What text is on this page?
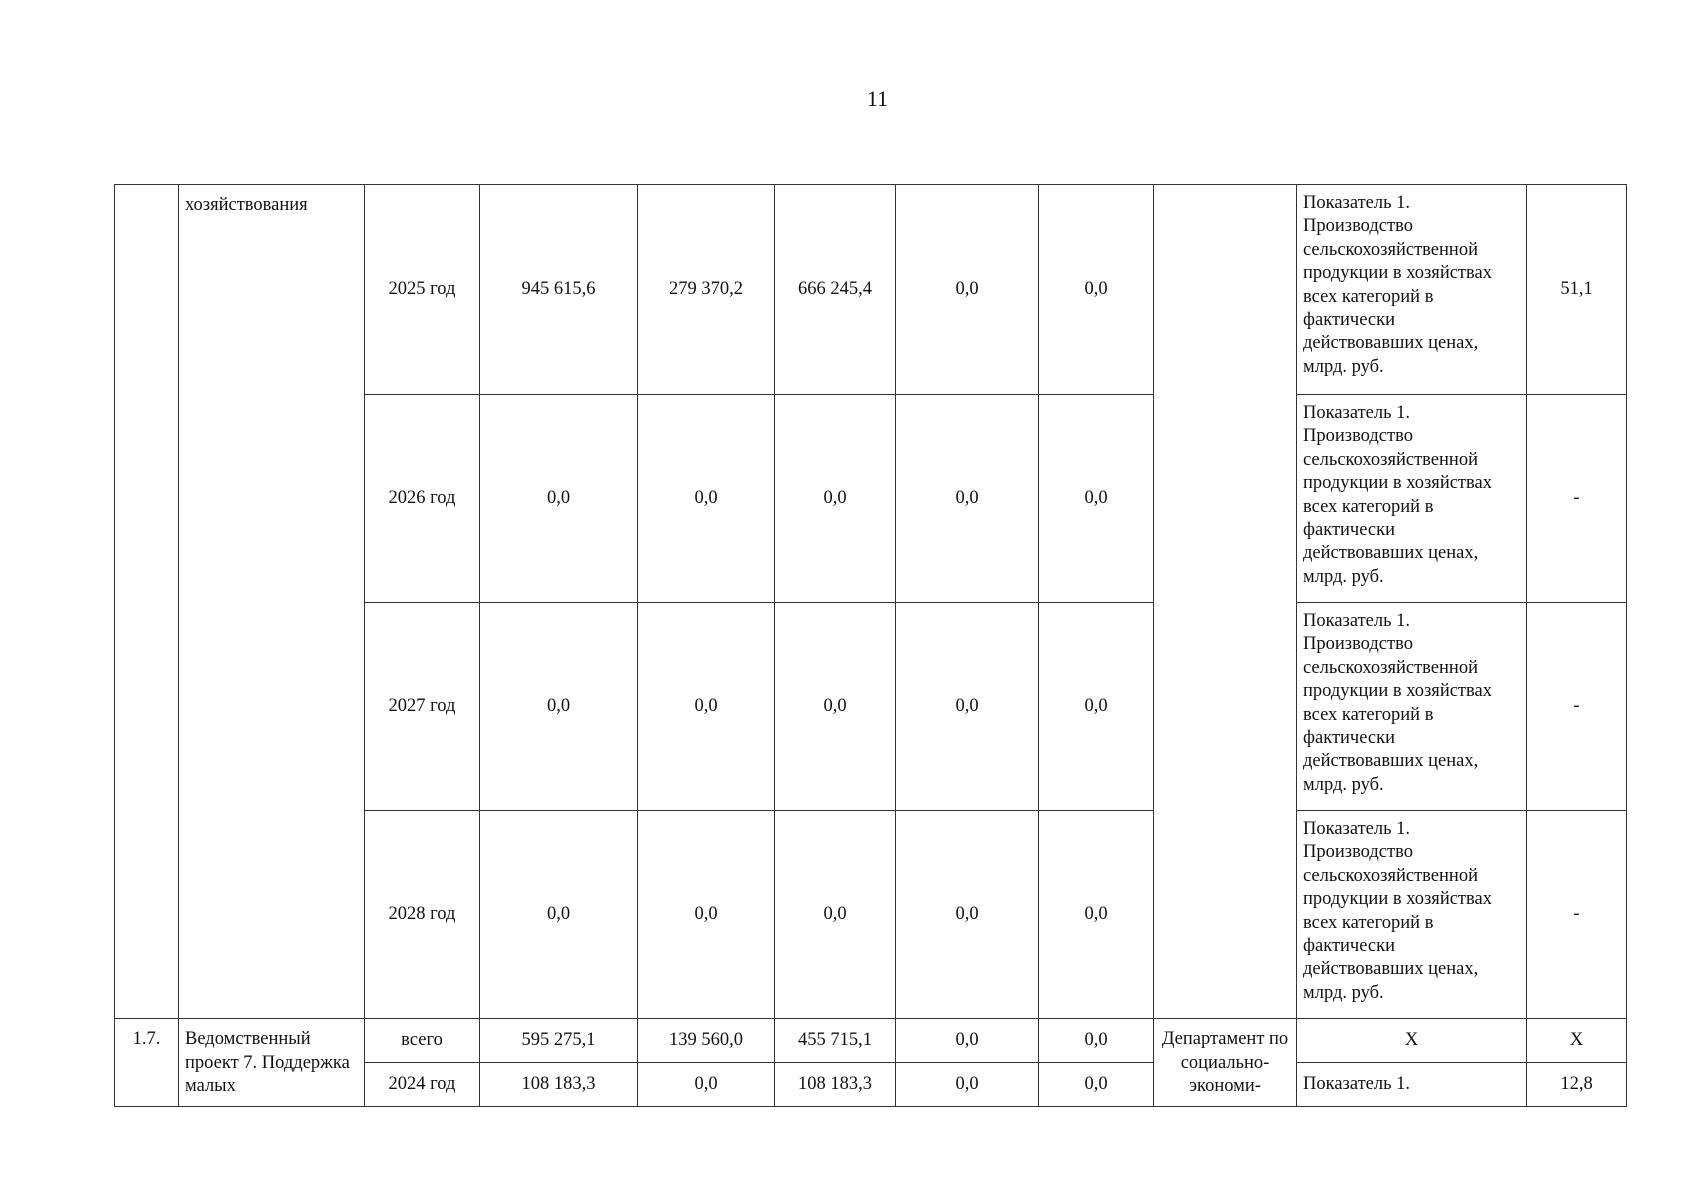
11
	хозяйствования	2025 год	945 615,6	279 370,2	666 245,4	0,0	0,0		Показатель 1. Производство сельскохозяйственной продукции в хозяйствах всех категорий в фактически действовавших ценах, млрд. руб.	51,1
		2026 год	0,0	0,0	0,0	0,0	0,0		Показатель 1. Производство сельскохозяйственной продукции в хозяйствах всех категорий в фактически действовавших ценах, млрд. руб.	-
		2027 год	0,0	0,0	0,0	0,0	0,0		Показатель 1. Производство сельскохозяйственной продукции в хозяйствах всех категорий в фактически действовавших ценах, млрд. руб.	-
		2028 год	0,0	0,0	0,0	0,0	0,0		Показатель 1. Производство сельскохозяйственной продукции в хозяйствах всех категорий в фактически действовавших ценах, млрд. руб.	-
1.7.	Ведомственный проект 7. Поддержка малых	всего	595 275,1	139 560,0	455 715,1	0,0	0,0	Департамент по социально-экономи-	X	X
		2024 год	108 183,3	0,0	108 183,3	0,0	0,0		Показатель 1.	12,8
